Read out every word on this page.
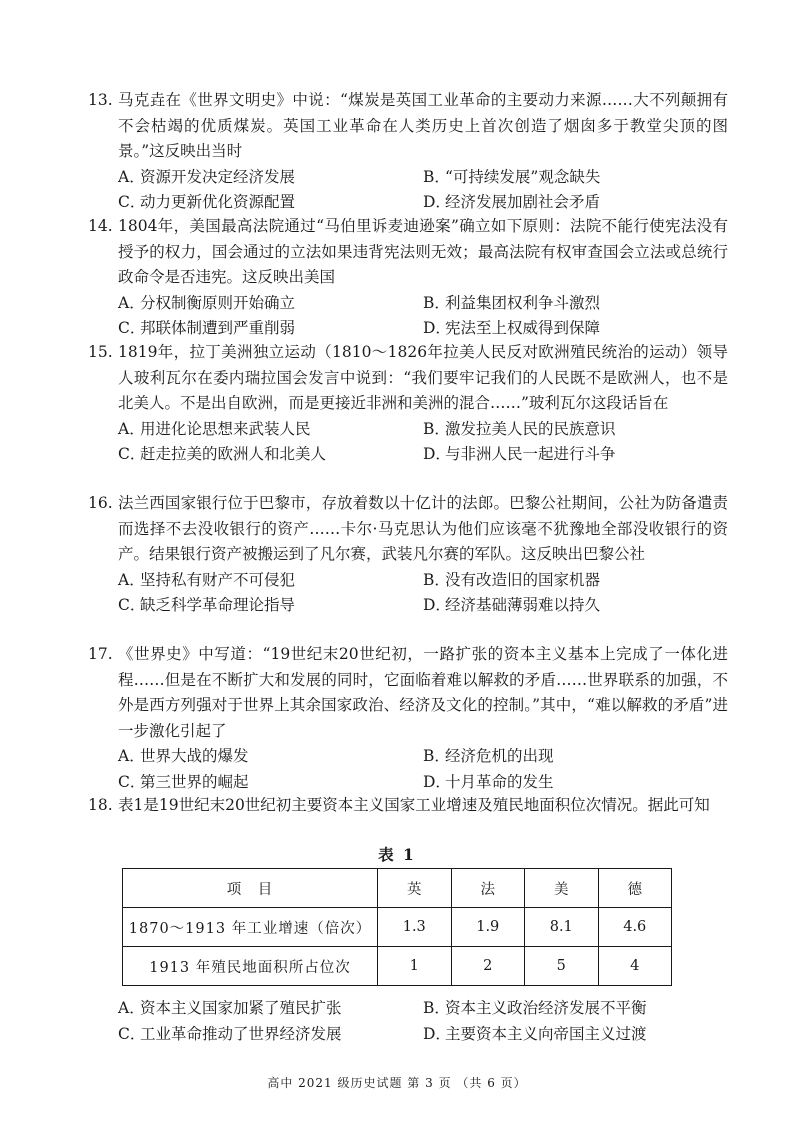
13. 马克垚在《世界文明史》中说：“煤炭是英国工业革命的主要动力来源……大不列颠拥有不会枯竭的优质煤炭。英国工业革命在人类历史上首次创造了烟囱多于教堂尖顶的图景。”这反映出当时
A．资源开发决定经济发展	B．“可持续发展”观念缺失
C．动力更新优化资源配置	D．经济发展加剧社会矛盾
14. 1804年，美国最高法院通过“马伯里诉麦迪逊案”确立如下原则：法院不能行使宪法没有授予的权力，国会通过的立法如果违背宪法则无效；最高法院有权审查国会立法或总统行政命令是否违宪。这反映出美国
A．分权制衡原则开始确立	B．利益集团权利争斗激烈
C．邦联体制遭到严重削弱	D．宪法至上权威得到保障
15. 1819年，拉丁美洲独立运动（1810～1826年拉美人民反对欧洲殖民统治的运动）领导人玻利瓦尔在委内瑞拉国会发言中说到：“我们要牢记我们的人民既不是欧洲人，也不是北美人。不是出自欧洲，而是更接近非洲和美洲的混合……”玻利瓦尔这段话旨在
A．用进化论思想来武装人民	B．激发拉美人民的民族意识
C．赶走拉美的欧洲人和北美人	D．与非洲人民一起进行斗争
16. 法兰西国家银行位于巴黎市，存放着数以十亿计的法郎。巴黎公社期间，公社为防备遣责而选择不去没收银行的资产……卡尔·马克思认为他们应该毫不犹豫地全部没收银行的资产。结果银行资产被搬运到了凡尔赛，武装凡尔赛的军队。这反映出巴黎公社
A．坚持私有财产不可侵犯	B．没有改造旧的国家机器
C．缺乏科学革命理论指导	D．经济基础薄弱难以持久
17. 《世界史》中写道：“19世纪末20世纪初，一路扩张的资本主义基本上完成了一体化进程……但是在不断扩大和发展的同时，它面临着难以解救的矛盾……世界联系的加强，不外是西方列强对于世界上其余国家政治、经济及文化的控制。”其中，“难以解救的矛盾”进一步激化引起了
A．世界大战的爆发	B．经济危机的出现
C．第三世界的崛起	D．十月革命的发生
18. 表1是19世纪末20世纪初主要资本主义国家工业增速及殖民地面积位次情况。据此可知
表 1
项　目	英	法	美	德
1870～1913 年工业增速（倍次）	1.3	1.9	8.1	4.6
1913 年殖民地面积所占位次	1	2	5	4
A．资本主义国家加紧了殖民扩张	B．资本主义政治经济发展不平衡
C．工业革命推动了世界经济发展	D．主要资本主义向帝国主义过渡
高中 2021 级历史试题 第 3 页 （共 6 页）
